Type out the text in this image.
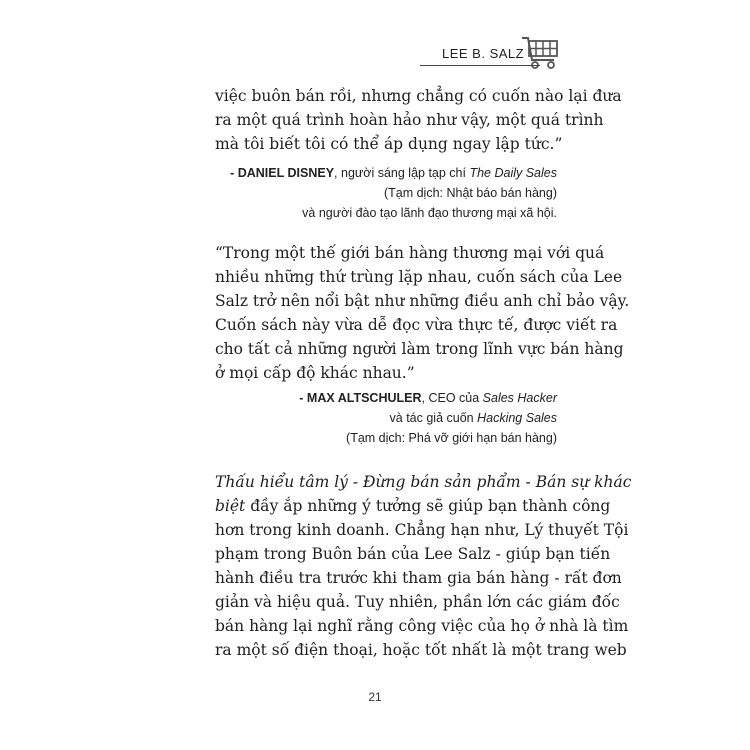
LEE B. SALZ
việc buôn bán rồi, nhưng chẳng có cuốn nào lại đưa
ra một quá trình hoàn hảo như vậy, một quá trình
mà tôi biết tôi có thể áp dụng ngay lập tức.”
- DANIEL DISNEY, người sáng lập tạp chí The Daily Sales
(Tạm dịch: Nhật báo bán hàng)
và người đào tạo lãnh đạo thương mại xã hội.
“Trong một thế giới bán hàng thương mại với quá
nhiều những thứ trùng lặp nhau, cuốn sách của Lee
Salz trở nên nổi bật như những điều anh chỉ bảo vậy.
Cuốn sách này vừa dễ đọc vừa thực tế, được viết ra
cho tất cả những người làm trong lĩnh vực bán hàng
ở mọi cấp độ khác nhau.”
- MAX ALTSCHULER, CEO của Sales Hacker
và tác giả cuốn Hacking Sales
(Tạm dịch: Phá vỡ giới hạn bán hàng)
Thấu hiểu tâm lý - Đừng bán sản phẩm - Bán sự khác
biệt đầy ắp những ý tưởng sẽ giúp bạn thành công
hơn trong kinh doanh. Chẳng hạn như, Lý thuyết Tội
phạm trong Buôn bán của Lee Salz - giúp bạn tiến
hành điều tra trước khi tham gia bán hàng - rất đơn
giản và hiệu quả. Tuy nhiên, phần lớn các giám đốc
bán hàng lại nghĩ rằng công việc của họ ở nhà là tìm
ra một số điện thoại, hoặc tốt nhất là một trang web
21
